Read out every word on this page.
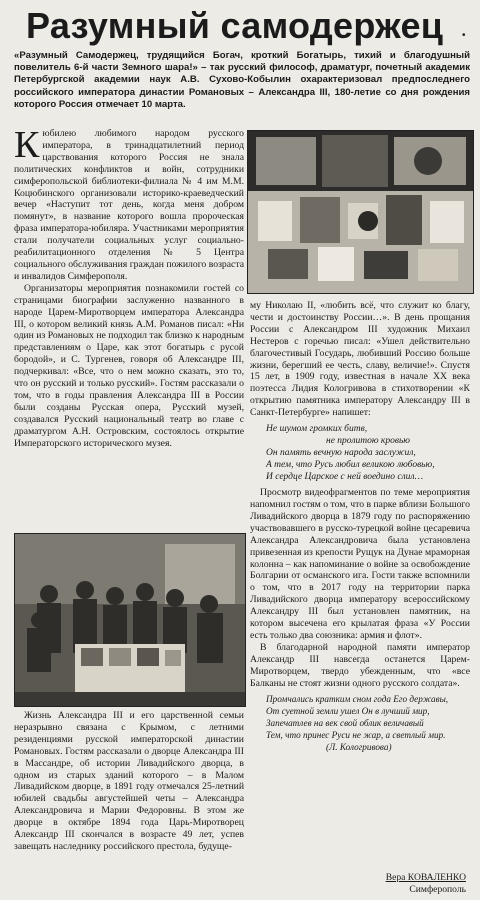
Разумный самодержец	•

«Разумный Самодержец, трудящийся Богач, кроткий Богатырь, тихий и благодушный повелитель 6-й части Земного шара!» – так русский философ, драматург, почетный академик Петербургской академии наук А.В. Сухово-Кобылин охарактеризовал предпоследнего российского императора династии Романовых – Александра III, 180-летие со дня рождения которого Россия отмечает 10 марта.

Кюбилею любимого народом русского императора, в тринадцатилетний период царствования которого Россия не знала политических конфликтов и войн, сотрудники симферопольской библиотеки-филиала № 4 им М.М. Коцюбинского организовали историко-краеведческий вечер «Наступит тот день, когда меня добром помянут», в название которого вошла пророческая фраза императора-юбиляра. Участниками мероприятия стали получатели социальных услуг социально-реабилитационного отделения № 5 Центра социального обслуживания граждан пожилого возраста и инвалидов Симферополя.

Организаторы мероприятия познакомили гостей со страницами биографии заслуженно названного в народе Царем-Миротворцем императора Александра III, о котором великий князь А.М. Романов писал: «Ни один из Романовых не подходил так близко к народным представлениям о Царе, как этот богатырь с русой бородой», и С. Тургенев, говоря об Александре III, подчеркивал: «Все, что о нем можно сказать, это то, что он русский и только русский». Гостям рассказали о том, что в годы правления Александра III в России были созданы Русская опера, Русский музей, создавался Русский национальный театр во главе с драматургом А.Н. Островским, состоялось открытие Императорского исторического музея.

Жизнь Александра III и его царственной семьи неразрывно связана с Крымом, с летними резиденциями русской императорской династии Романовых. Гостям рассказали о дворце Александра III в Массандре, об истории Ливадийского дворца, в одном из старых зданий которого – в Малом Ливадийском дворце, в 1891 году отмечался 25-летний юбилей свадьбы августейшей четы – Александра Александровича и Марии Федоровны. В этом же дворце в октябре 1894 года Царь-Миротворец Александр III скончался в возрасте 49 лет, успев завещать наследнику российского престола, будуще-

му Николаю II, «любить всё, что служит ко благу, чести и достоинству России…». В день прощания России с Александром III художник Михаил Нестеров с горечью писал: «Ушел действительно благочестивый Государь, любивший Россию больше жизни, берегший ее честь, славу, величие!». Спустя 15 лет, в 1909 году, известная в начале XX века поэтесса Лидия Кологривова в стихотворении «К открытию памятника императору Александру III в Санкт-Петербурге» напишет:

Не шумом громких битв,
не пролитою кровью
Он память вечную народа заслужил,
А тем, что Русь любил великою любовью,
И сердце Царское с ней воедино слил…

Просмотр видеофрагментов по теме мероприятия напомнил гостям о том, что в парке вблизи Большого Ливадийского дворца в 1879 году по распоряжению участвовавшего в русско-турецкой войне цесаревича Александра Александровича была установлена привезенная из крепости Рущук на Дунае мраморная колонна – как напоминание о войне за освобождение Болгарии от османского ига. Гости также вспомнили о том, что в 2017 году на территории парка Ливадийского дворца императору всероссийскому Александру III был установлен памятник, на котором высечена его крылатая фраза «У России есть только два союзника: армия и флот».

В благодарной народной памяти император Александр III навсегда останется Царем-Миротворцем, твердо убежденным, что «все Балканы не стоят жизни одного русского солдата».

Промчались кратким сном года Его державы,
От суетной земли ушел Он в лучший мир,
Запечатлев на век свой облик величавый
Тем, что принес Руси не жар, а светлый мир.
(Л. Кологривова)
Вера КОВАЛЕНКО
Симферополь
